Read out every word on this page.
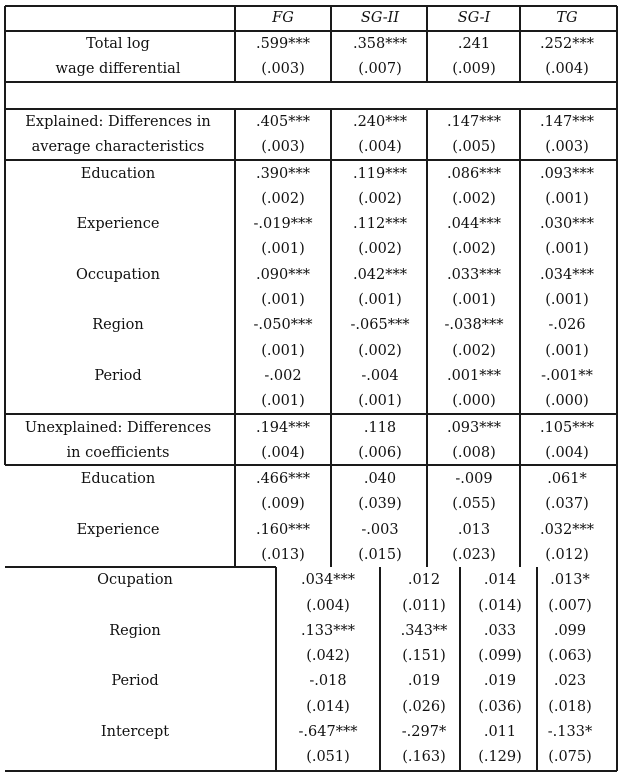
FG	SG-II	SG-I	TG
Total log
wage differential
.599***	.358***	.241	.252***
(.003)	(.007)	(.009)	(.004)
Explained: Differences in
average characteristics
.405***	.240***	.147***	.147***
(.003)	(.004)	(.005)	(.003)
Education	.390***	.119***	.086***	.093***
(.002)	(.002)	(.002)	(.001)
Experience	-.019***	.112***	.044***	.030***
(.001)	(.002)	(.002)	(.001)
Occupation	.090***	.042***	.033***	.034***
(.001)	(.001)	(.001)	(.001)
Region	-.050***	-.065*** -.038***	-.026
(.001)	(.002)	(.002)	(.001)
Period	-.002	-.004	.001***	-.001**
(.001)	(.001)	(.000)	(.000)
Unexplained: Differences
in coefficients
.194***	.118	.093***	.105***
(.004)	(.006)	(.008)	(.004)
Education	.466***	.040	-.009	.061*
(.009)	(.039)	(.055)	(.037)
Experience	.160***	-.003	.013	.032***
(.013)	(.015)	(.023)	(.012)
Ocupation	.034***	.012	.014 .013*
(.004)	(.011) (.014) (.007)
Region	.133***	.343**	.033	.099
(.042)	(.151) (.099) (.063)
Period	-.018	.019	.019	.023
(.014)	(.026) (.036) (.018)
Intercept	-.647***	-.297*	.011 -.133*
(.051)	(.163) (.129) (.075)
